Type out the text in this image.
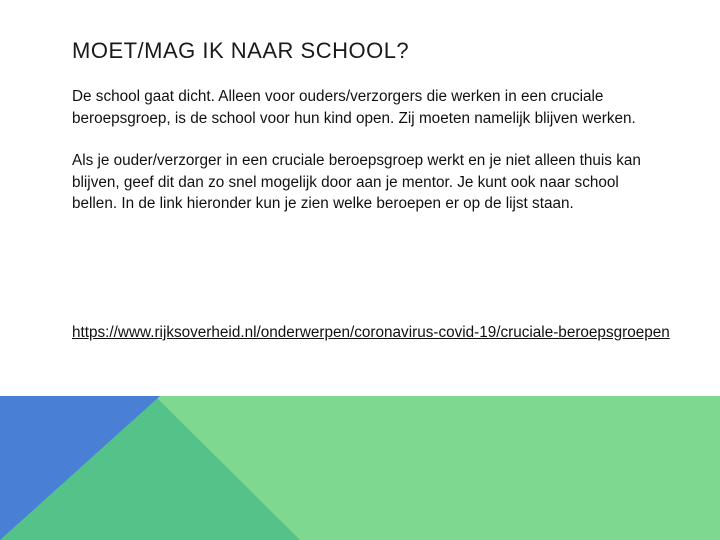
MOET/MAG IK NAAR SCHOOL?

De school gaat dicht. Alleen voor ouders/verzorgers die werken in een cruciale beroepsgroep, is de school voor hun kind open. Zij moeten namelijk blijven werken.

Als je ouder/verzorger in een cruciale beroepsgroep werkt en je niet alleen thuis kan blijven, geef dit dan zo snel mogelijk door aan je mentor. Je kunt ook naar school bellen. In de link hieronder kun je zien welke beroepen er op de lijst staan.

https://www.rijksoverheid.nl/onderwerpen/coronavirus-covid-19/cruciale-beroepsgroepen
